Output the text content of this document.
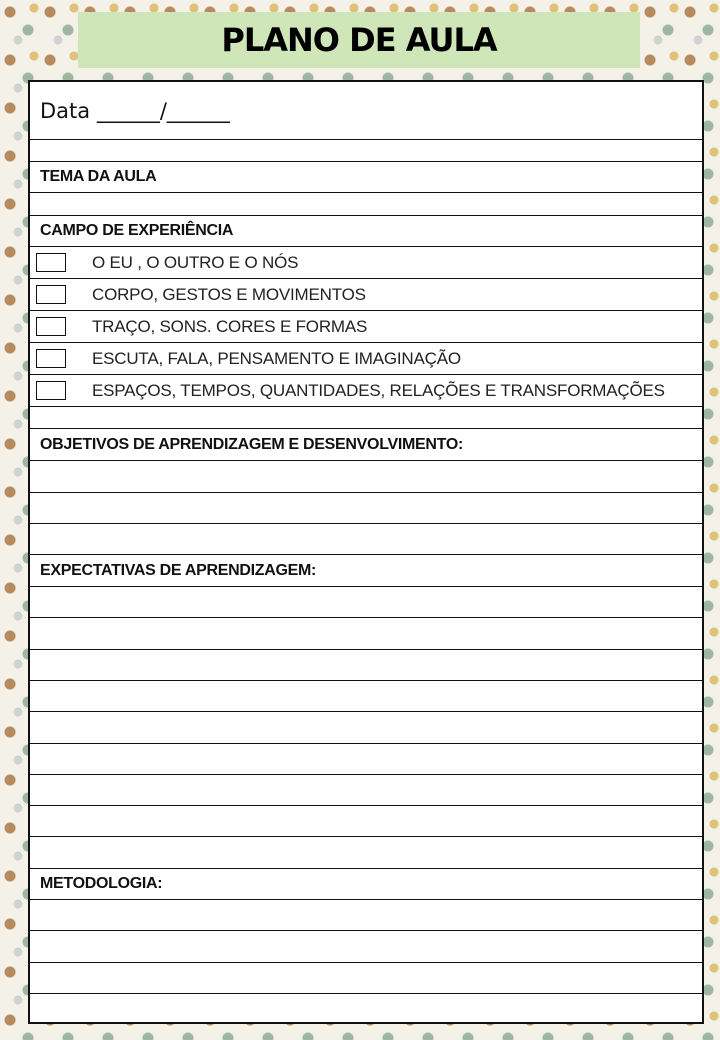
PLANO DE AULA
Data ______/______
TEMA DA AULA
CAMPO DE EXPERIÊNCIA
O EU , O OUTRO E O NÓS
CORPO, GESTOS E MOVIMENTOS
TRAÇO, SONS. CORES E FORMAS
ESCUTA, FALA, PENSAMENTO E IMAGINAÇÃO
ESPAÇOS, TEMPOS, QUANTIDADES, RELAÇÕES E TRANSFORMAÇÕES
OBJETIVOS DE APRENDIZAGEM E DESENVOLVIMENTO:
EXPECTATIVAS DE APRENDIZAGEM:
METODOLOGIA:
